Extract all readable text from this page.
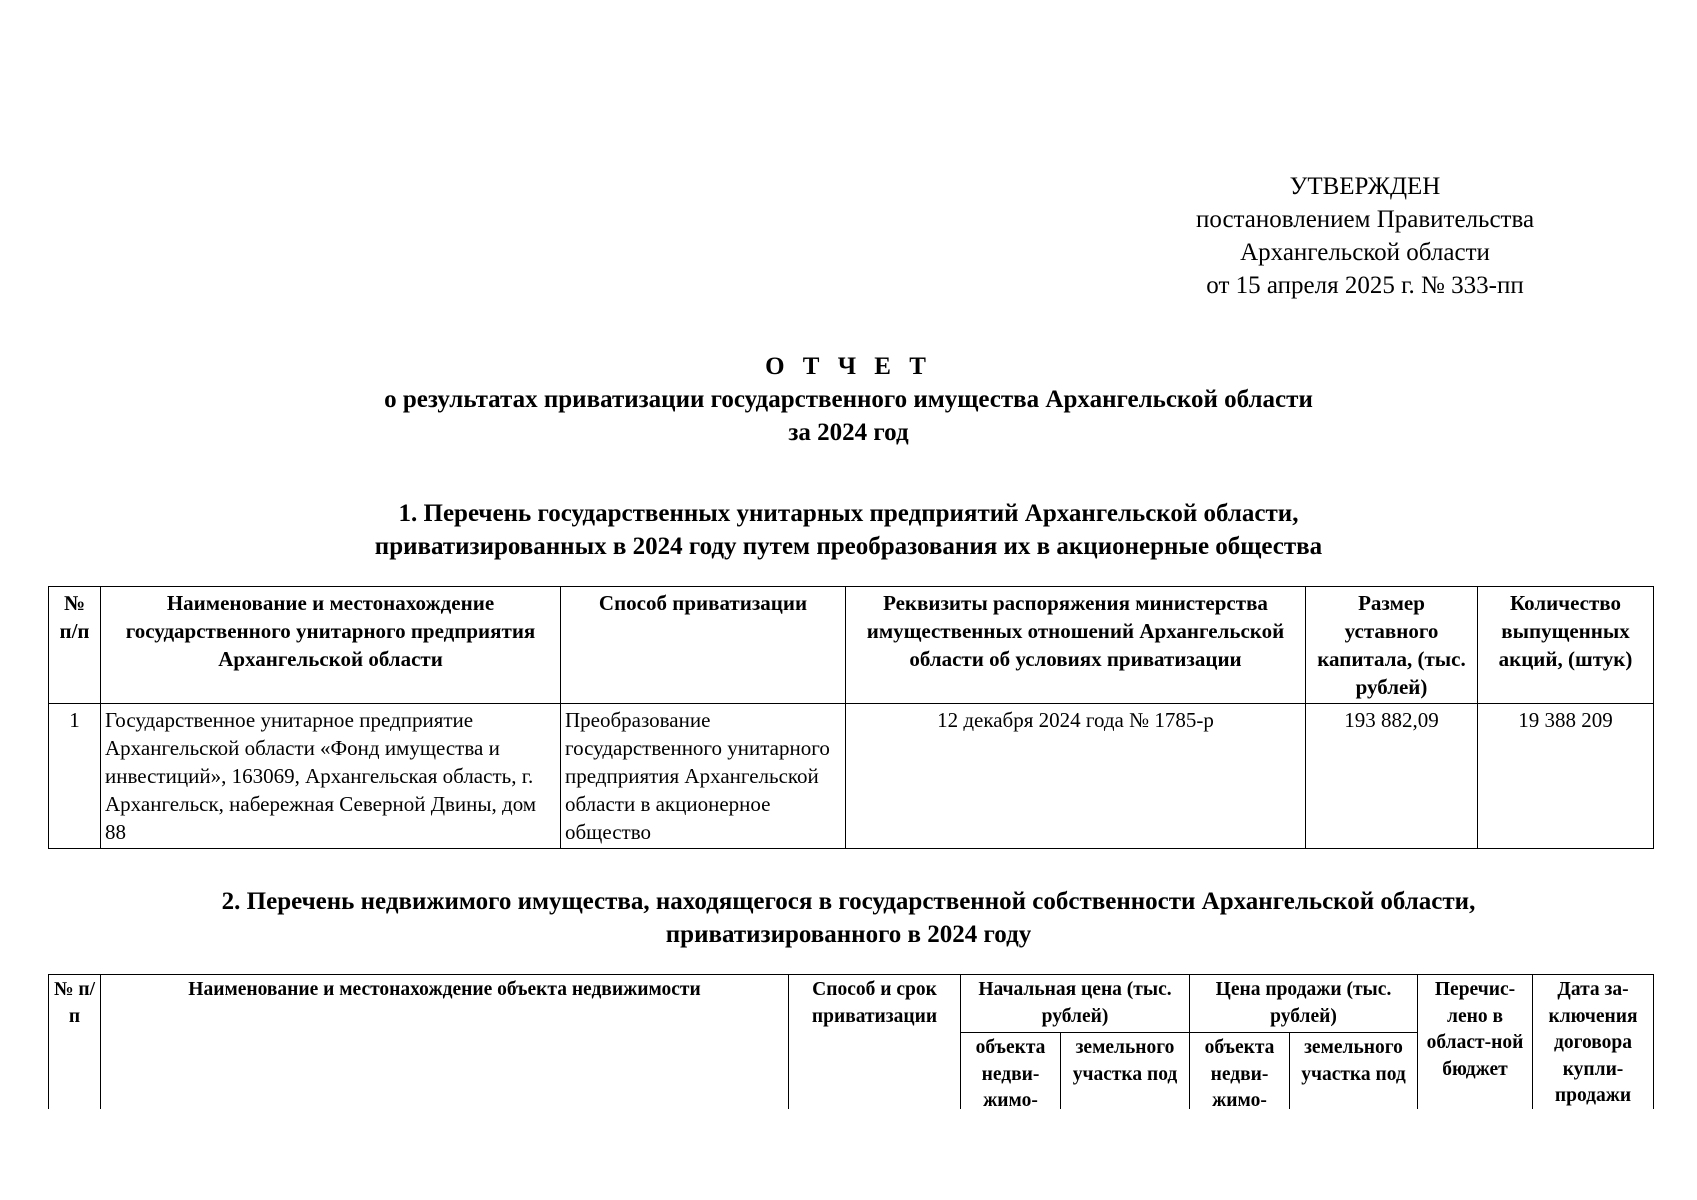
УТВЕРЖДЕН
постановлением Правительства
Архангельской области
от 15 апреля 2025 г. № 333-пп
О Т Ч Е Т
о результатах приватизации государственного имущества Архангельской области
за 2024 год
1. Перечень государственных унитарных предприятий Архангельской области,
приватизированных в 2024 году путем преобразования их в акционерные общества
№ п/п	Наименование и местонахождение государственного унитарного предприятия Архангельской области	Способ приватизации	Реквизиты распоряжения министерства имущественных отношений Архангельской области об условиях приватизации	Размер уставного капитала, (тыс. рублей)	Количество выпущенных акций, (штук)
1	Государственное унитарное предприятие Архангельской области «Фонд имущества и инвестиций», 163069, Архангельская область, г. Архангельск, набережная Северной Двины, дом 88	Преобразование государственного унитарного предприятия Архангельской области в акционерное общество	12 декабря 2024 года № 1785-р	193 882,09	19 388 209
2. Перечень недвижимого имущества, находящегося в государственной собственности Архангельской области,
приватизированного в 2024 году
№ п/п	Наименование и местонахождение объекта недвижимости	Способ и срок приватизации	Начальная цена (тыс. рублей)		Цена продажи (тыс. рублей)		Перечис-лено в област-ной бюджет	Дата за-ключения договора купли-продажи
			объекта недви-жимо-	земельного участка под	объекта недви-жимо-	земельного участка под		
